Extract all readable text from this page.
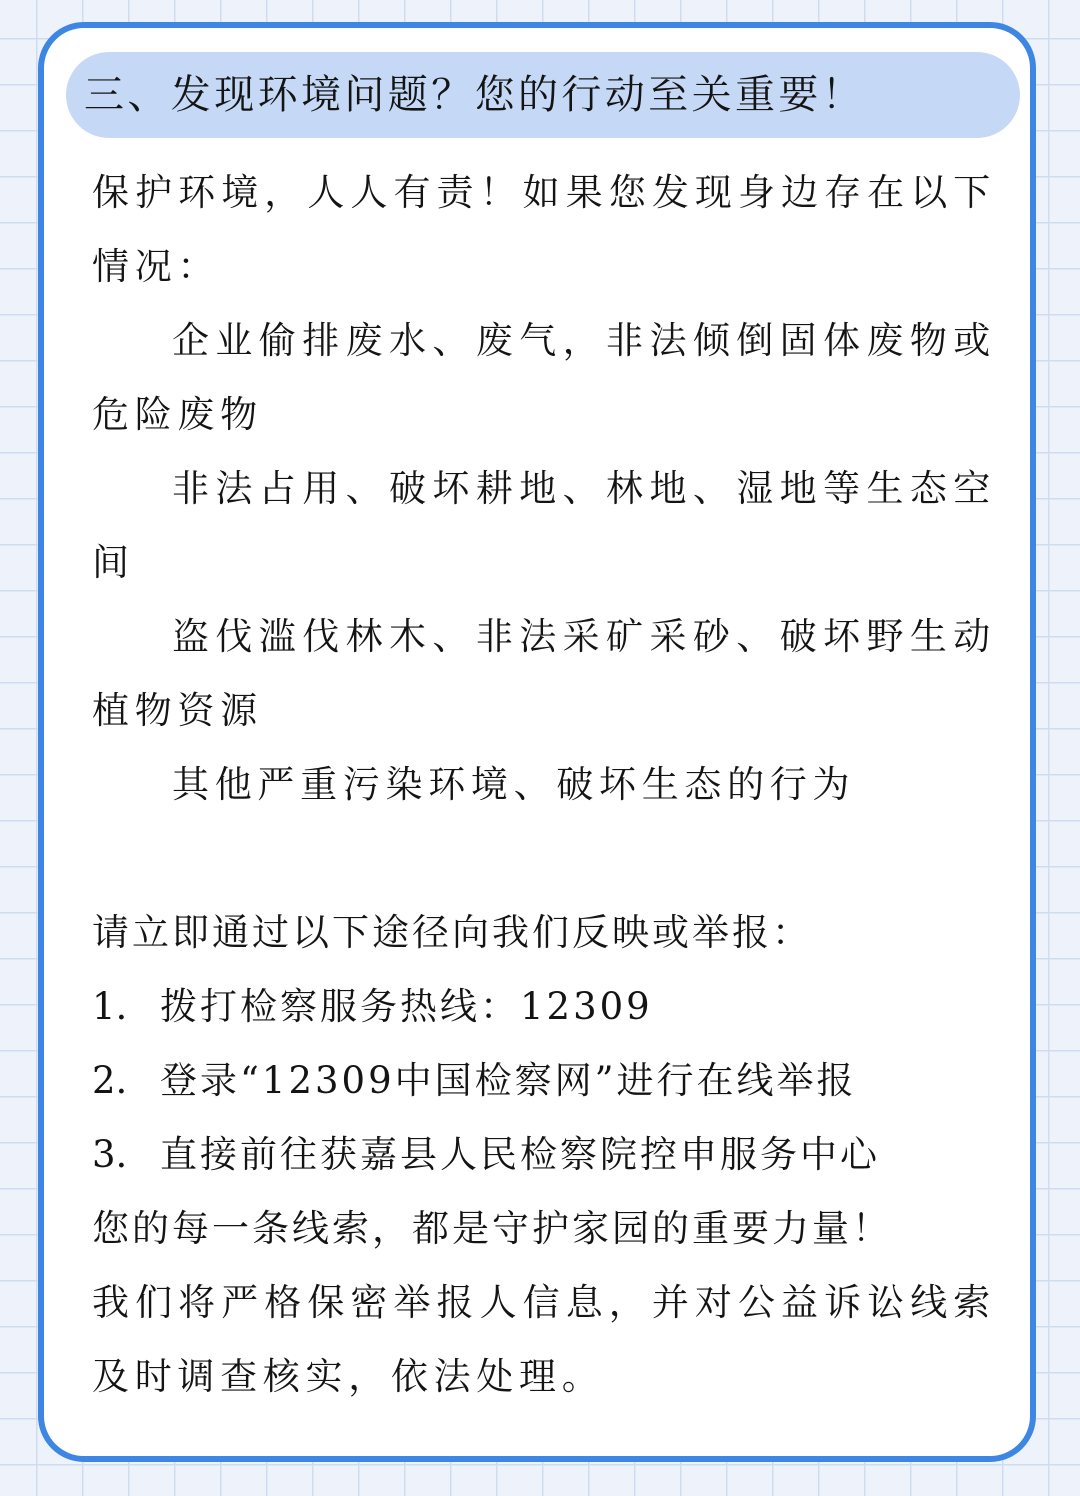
三、发现环境问题？您的行动至关重要！

保护环境，人人有责！如果您发现身边存在以下情况：

企业偷排废水、废气，非法倾倒固体废物或危险废物

非法占用、破坏耕地、林地、湿地等生态空间

盗伐滥伐林木、非法采矿采砂、破坏野生动植物资源

其他严重污染环境、破坏生态的行为

请立即通过以下途径向我们反映或举报：

1. 拨打检察服务热线：12309

2. 登录“12309中国检察网”进行在线举报

3. 直接前往获嘉县人民检察院控申服务中心

您的每一条线索，都是守护家园的重要力量！

我们将严格保密举报人信息，并对公益诉讼线索及时调查核实，依法处理。
